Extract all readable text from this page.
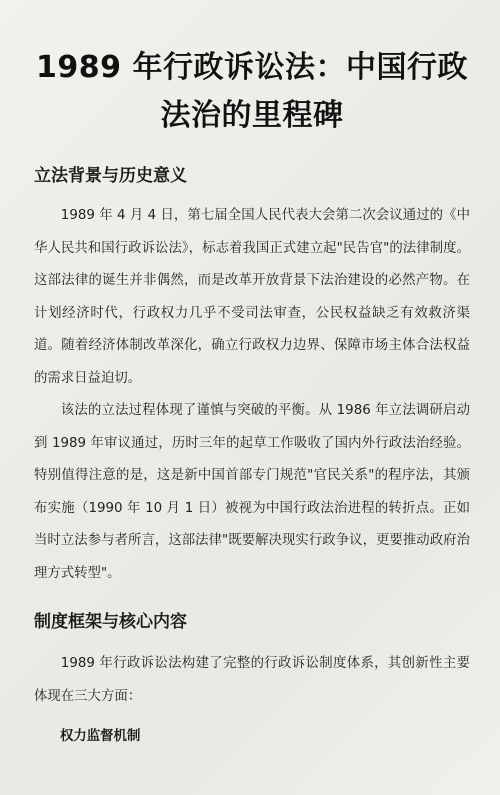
1989 年行政诉讼法：中国行政法治的里程碑
立法背景与历史意义

1989 年 4 月 4 日，第七届全国人民代表大会第二次会议通过的《中华人民共和国行政诉讼法》，标志着我国正式建立起"民告官"的法律制度。这部法律的诞生并非偶然，而是改革开放背景下法治建设的必然产物。在计划经济时代，行政权力几乎不受司法审查，公民权益缺乏有效救济渠道。随着经济体制改革深化，确立行政权力边界、保障市场主体合法权益的需求日益迫切。

该法的立法过程体现了谨慎与突破的平衡。从 1986 年立法调研启动到 1989 年审议通过，历时三年的起草工作吸收了国内外行政法治经验。特别值得注意的是，这是新中国首部专门规范"官民关系"的程序法，其颁布实施（1990 年 10 月 1 日）被视为中国行政法治进程的转折点。正如当时立法参与者所言，这部法律"既要解决现实行政争议，更要推动政府治理方式转型"。

制度框架与核心内容

1989 年行政诉讼法构建了完整的行政诉讼制度体系，其创新性主要体现在三大方面：

权力监督机制
